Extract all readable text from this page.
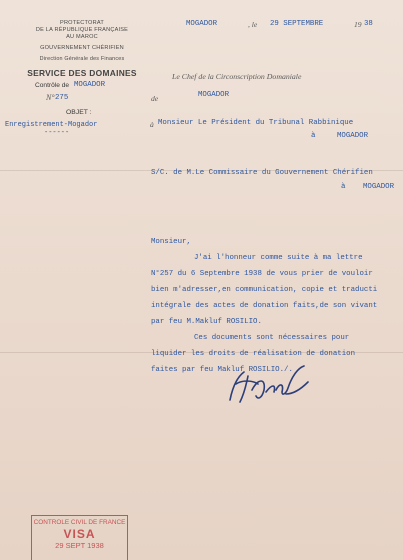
PROTECTORAT
DE LA RÉPUBLIQUE FRANÇAISE
AU MAROC
GOUVERNEMENT CHÉRIFIEN
Direction Générale des Finances
SERVICE DES DOMAINES
Contrôle de MOGADOR
N° 275
OBJET :
Enregistrement-Mogador
------
MOGADOR	, le 29 SEPTEMBRE	19 38
Le Chef de la Circonscription Domaniale
de	MOGADOR
à Monsieur Le Président du Tribunal Rabbinique
à	MOGADOR
S/C. de M.Le Commissaire du Gouvernement Chérifien
à MOGADOR
Monsieur,
J'ai l'honneur comme suite à ma lettre
N°257 du 6 Septembre 1938 de vous prier de vouloir
bien m'adresser,en communication, copie et traducti
intégrale des actes de donation faits,de son vivant
par feu M.Makluf ROSILIO.
Ces documents sont nécessaires pour
liquider les droits de réalisation de donation
faites par feu Makluf ROSILIO./.
CONTROLE CIVIL DE FRANCE
VISA
29 SEPT 1938
